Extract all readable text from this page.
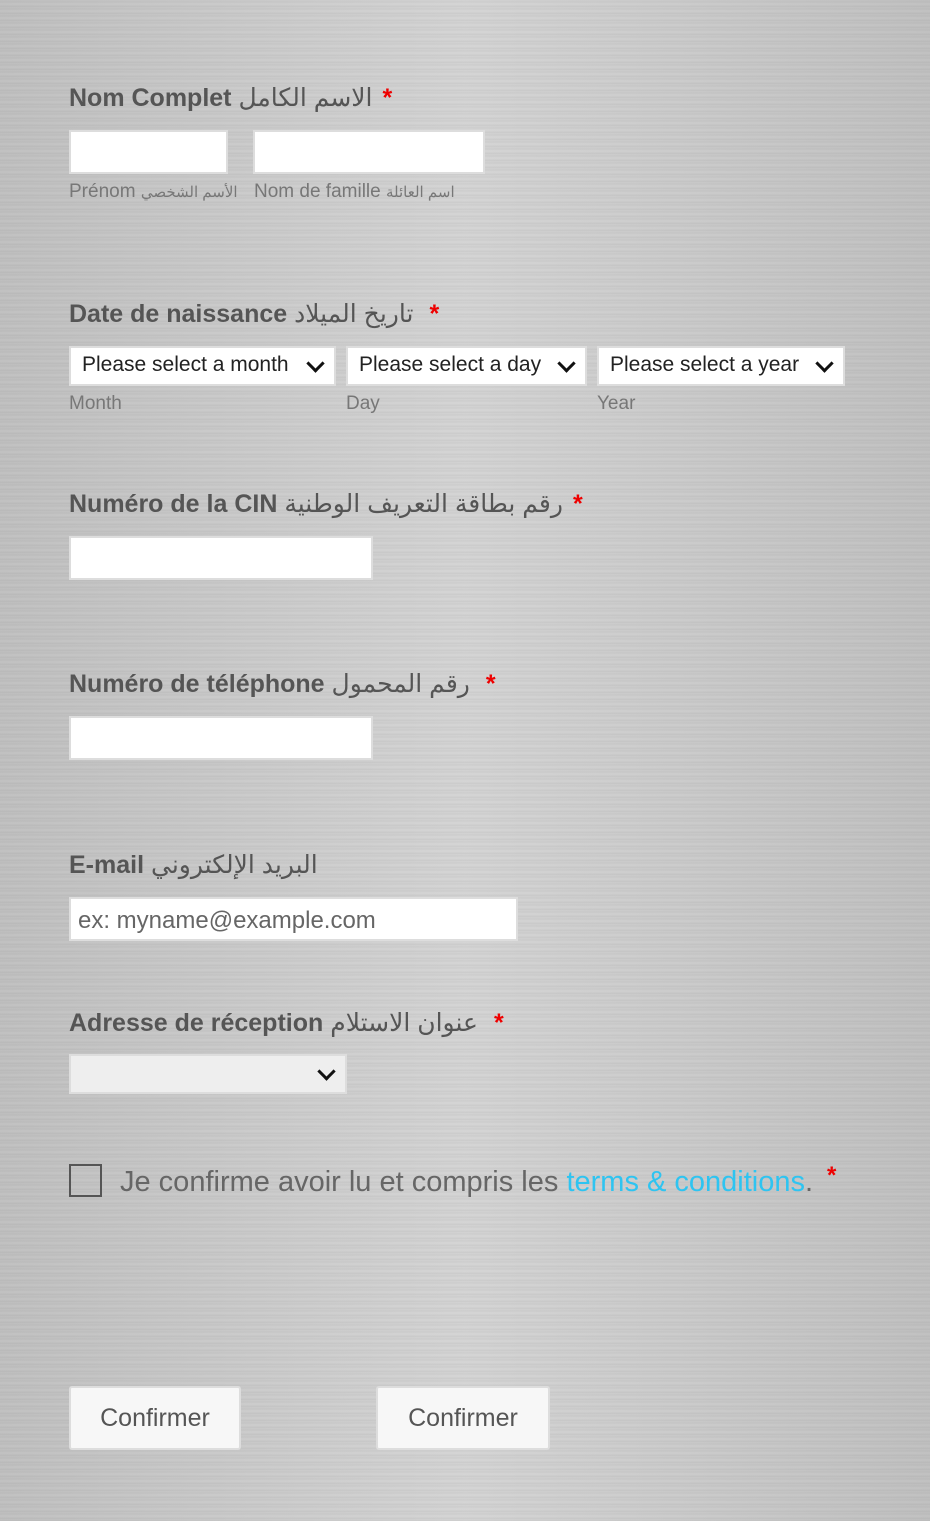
Nom Complet الاسم الكامل *
Prénom الأسم الشخصي Nom de famille اسم العائلة
Date de naissance تاريخ الميلاد *
Please select a month	Please select a day	Please select a year
Month	Day	Year
Numéro de la CIN رقم بطاقة التعريف الوطنية *
Numéro de téléphone رقم المحمول *
E-mail البريد الإلكتروني
ex: myname@example.com
Adresse de réception عنوان الاستلام *
Je confirme avoir lu et compris les terms & conditions. *
Confirmer	Confirmer
